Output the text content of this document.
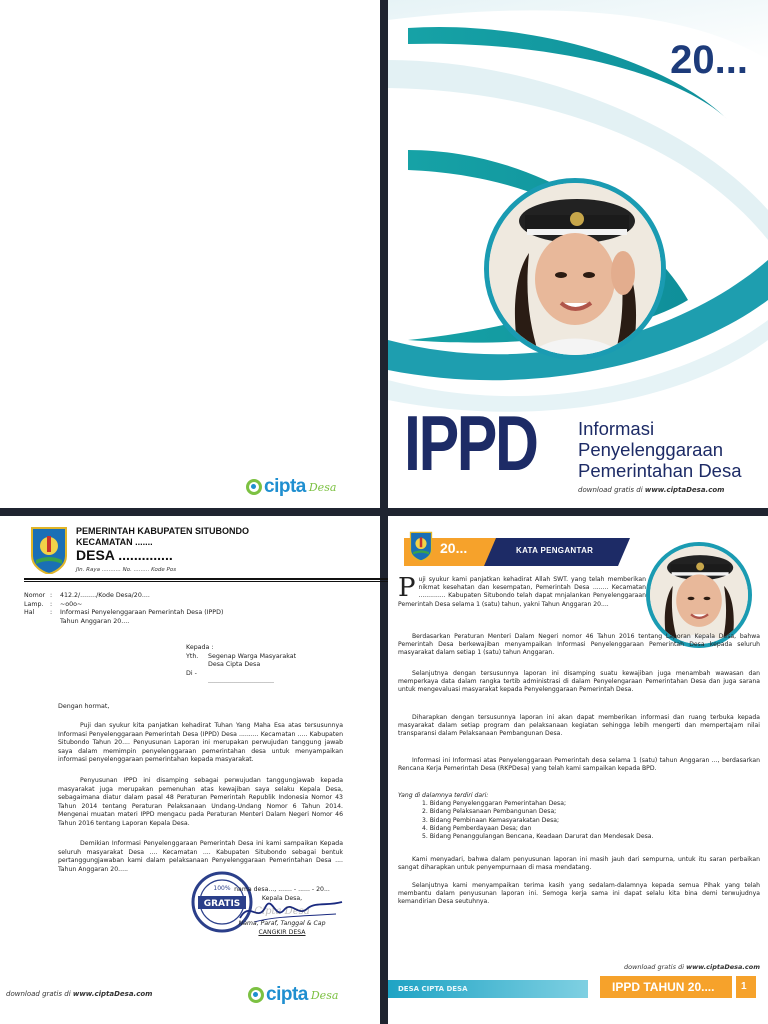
cipta Desa
20...
IPPD Informasi
Penyelenggaraan
Pemerintahan Desa
download gratis di www.ciptaDesa.com
PEMERINTAH KABUPATEN SITUBONDO
KECAMATAN .......
DESA ..............
Jln. Raya ........... No. ......... Kode Pos
Nomor :	412.2/......../Kode Desa/20....
Lamp.	:	~o0o~
Hal	:	Informasi Penyelenggaraan Pemerintah Desa (IPPD)
Tahun Anggaran 20....
Kepada :
Yth. Segenap Warga Masyarakat
Desa Cipta Desa
Di -
.................................
Dengan hormat,
Puji dan syukur kita panjatkan kehadirat Tuhan Yang Maha Esa atas tersusunnya Informasi Penyelenggaraan Pemerintah Desa (IPPD) Desa .......... Kecamatan ..... Kabupaten Situbondo Tahun 20.... Penyusunan Laporan ini merupakan perwujudan tanggung jawab saya dalam memimpin penyelenggaraan pemerintahan desa untuk menyampaikan informasi penyelenggaraan pemerintahan kepada masyarakat.
Penyusunan IPPD ini disamping sebagai perwujudan tanggungjawab kepada masyarakat juga merupakan pemenuhan atas kewajiban saya selaku Kepala Desa, sebagaimana diatur dalam pasal 48 Peraturan Pemerintah Republik Indonesia Nomor 43 Tahun 2014 tentang Peraturan Pelaksanaan Undang-Undang Nomor 6 Tahun 2014. Mengenai muatan materi IPPD mengacu pada Peraturan Menteri Dalam Negeri Nomor 46 Tahun 2016 tentang Laporan Kepala Desa.
Demikian Informasi Penyelenggaraan Pemerintah Desa ini kami sampaikan Kepada seluruh masyarakat Desa .... Kecamatan .... Kabupaten Situbondo sebagai bentuk pertanggungjawaban kami dalam pelaksanaan Penyelenggaraan Pemerintahan Desa .... Tahun Anggaran 20.....
GRATIS
100% nama desa..., ....... - ...... - 20...
Kepala Desa,
Cipta Desa
Nama, Paraf, Tanggal & Cap
CANGKIR DESA
download gratis di www.ciptaDesa.com	cipta Desa
20...	KATA PENGANTAR
Puji syukur kami panjatkan kehadirat Allah SWT. yang telah memberikan nikmat kesehatan dan kesempatan, Pemerintah Desa ........ Kecamatan .............. Kabupaten Situbondo telah dapat mnjalankan Penyelenggaraan Pemerintah Desa selama 1 (satu) tahun, yakni Tahun Anggaran 20....
Berdasarkan Peraturan Menteri Dalam Negeri nomor 46 Tahun 2016 tentang Laporan Kepala Desa, bahwa Pemerintah Desa berkewajiban menyampaikan Informasi Penyelenggaraan Pemerintah Desa kepada seluruh masyarakat dalam setiap 1 (satu) tahun Anggaran.
Selanjutnya dengan tersusunnya laporan ini disamping suatu kewajiban juga menambah wawasan dan memperkaya data dalam rangka tertib administrasi di dalam Penyelengaraan Pemerintahan Desa dan juga sarana untuk mengevaluasi masyarakat kepada Penyelenggaraan Pemerintah Desa.
Diharapkan dengan tersusunnya laporan ini akan dapat memberikan informasi dan ruang terbuka kepada masyarakat dalam setiap program dan pelaksanaan kegiatan sehingga lebih mengerti dan mempertajam nilai transparansi dalam Pelaksanaan Pembangunan Desa.
Informasi ini Informasi atas Penyelenggaraan Pemerintah desa selama 1 (satu) tahun Anggaran ..., berdasarkan Rencana Kerja Pemerintah Desa (RKPDesa) yang telah kami sampaikan kepada BPD.
Yang di dalamnya terdiri dari:
1. Bidang Penyelenggaran Pemerintahan Desa;
2. Bidang Pelaksanaan Pembangunan Desa;
3. Bidang Pembinaan Kemasyarakatan Desa;
4. Bidang Pemberdayaan Desa; dan
5. Bidang Penanggulangan Bencana, Keadaan Darurat dan Mendesak Desa.
Kami menyadari, bahwa dalam penyusunan laporan ini masih jauh dari sempurna, untuk itu saran perbaikan sangat diharapkan untuk penyempurnaan di masa mendatang.
Selanjutnya kami menyampaikan terima kasih yang sedalam-dalamnya kepada semua Pihak yang telah membantu dalam penyusunan laporan ini. Semoga kerja sama ini dapat selalu kita bina demi terwujudnya kemandirian Desa seutuhnya.
download gratis di www.ciptaDesa.com
DESA CIPTA DESA	IPPD TAHUN 20....	1
